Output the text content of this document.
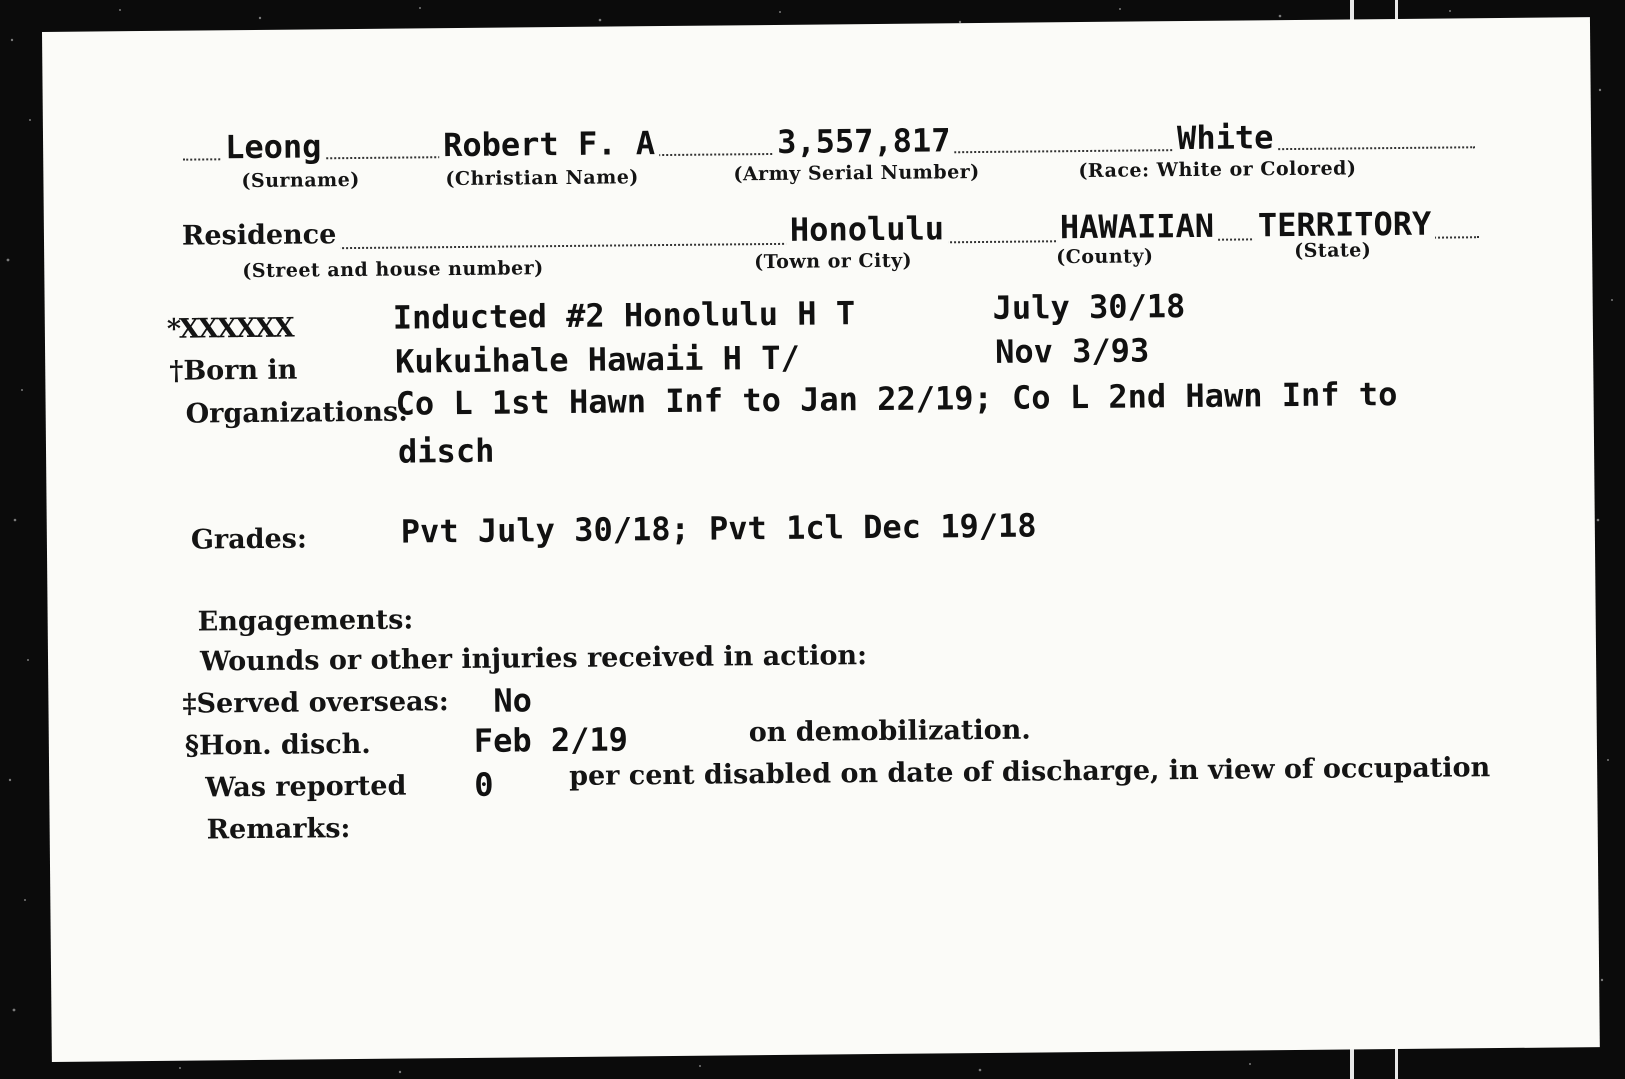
Leong
(Surname)
Robert F. A
(Christian Name)
3,557,817
(Army Serial Number)
White
(Race: White or Colored)
Residence
(Street and house number)
Honolulu
(Town or City)
HAWAIIAN
(County)
TERRITORY
(State)
*XXXXXX	Inducted #2 Honolulu H T	July 30/18
†Born in	Kukuihale Hawaii H T/	Nov 3/93
Organizations:
Co L 1st Hawn Inf to Jan 22/19; Co L 2nd Hawn Inf to
disch
Grades:	Pvt July 30/18; Pvt 1cl Dec 19/18
Engagements:
Wounds or other injuries received in action:
‡Served overseas: No
§Hon. disch.	Feb 2/19	on demobilization.
Was reported 0	per cent disabled on date of discharge, in view of occupation
Remarks:
